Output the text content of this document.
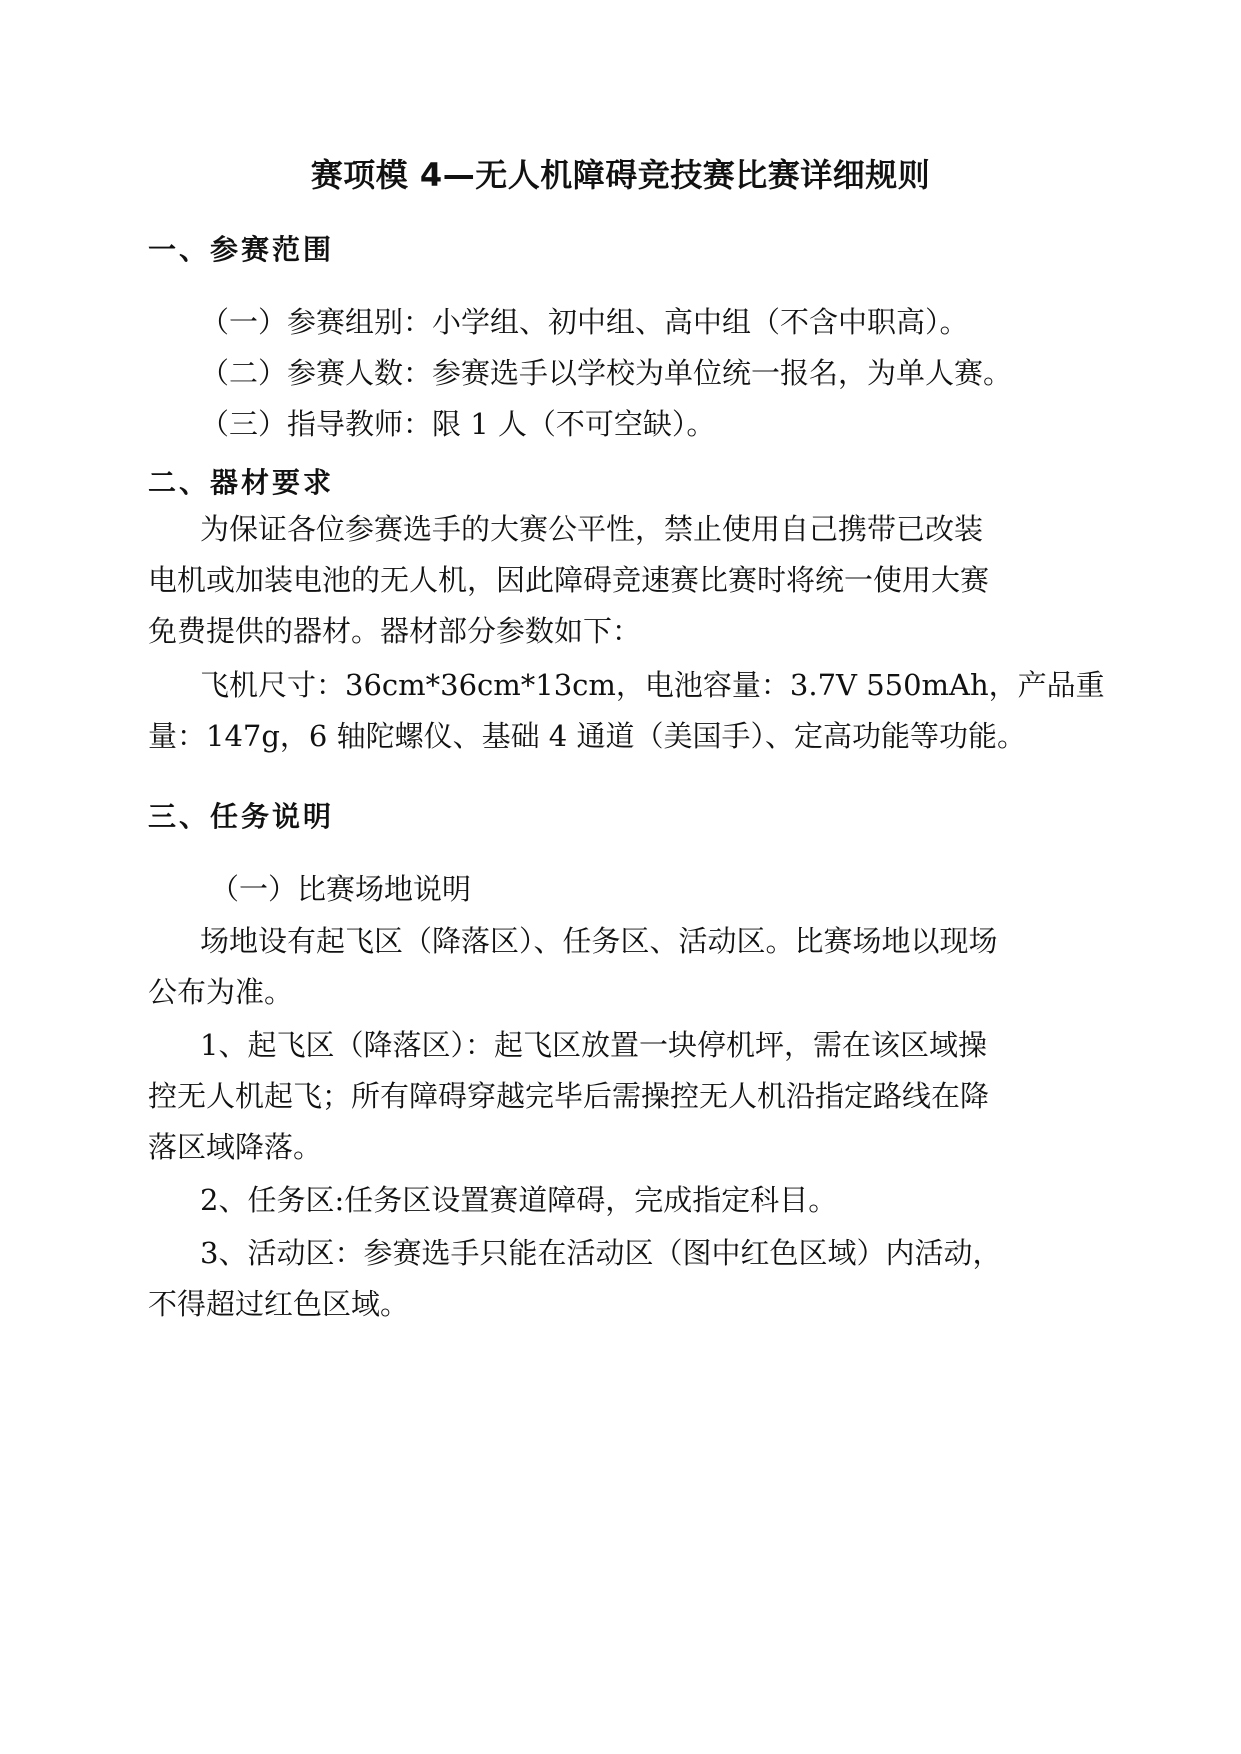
赛项模 4—无人机障碍竞技赛比赛详细规则
一、参赛范围
（一）参赛组别：小学组、初中组、高中组（不含中职高）。
（二）参赛人数：参赛选手以学校为单位统一报名，为单人赛。
（三）指导教师：限 1 人（不可空缺）。
二、器材要求
为保证各位参赛选手的大赛公平性，禁止使用自己携带已改装
电机或加装电池的无人机，因此障碍竞速赛比赛时将统一使用大赛
免费提供的器材。器材部分参数如下：
飞机尺寸：36cm*36cm*13cm，电池容量：3.7V 550mAh，产品重
量：147g，6 轴陀螺仪、基础 4 通道（美国手）、定高功能等功能。
三、任务说明
（一）比赛场地说明
场地设有起飞区（降落区）、任务区、活动区。比赛场地以现场
公布为准。
1、起飞区（降落区）：起飞区放置一块停机坪，需在该区域操
控无人机起飞；所有障碍穿越完毕后需操控无人机沿指定路线在降
落区域降落。
2、任务区:任务区设置赛道障碍，完成指定科目。
3、活动区：参赛选手只能在活动区（图中红色区域）内活动，
不得超过红色区域。
